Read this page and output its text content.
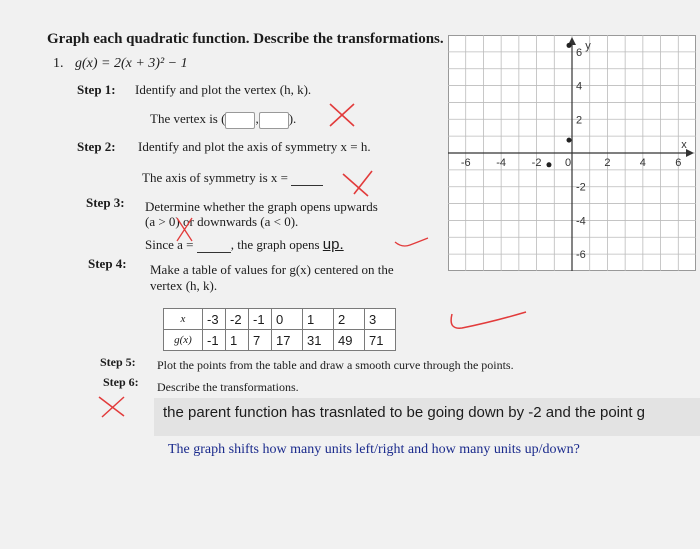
Graph each quadratic function. Describe the transformations.
1. g(x) = 2(x + 3)² − 1
Step 1: Identify and plot the vertex (h, k).
The vertex is ( , ).
Step 2: Identify and plot the axis of symmetry x = h.
The axis of symmetry is x =
Step 3: Determine whether the graph opens upwards
(a > 0) or downwards (a < 0).
Since a =	, the graph opens up.
Step 4: Make a table of values for g(x) centered on the
vertex (h, k).
x	-3	-2	-1	0	1	2	3
g(x)	-1	1	7	17	31	49	71
Step 5: Plot the points from the table and draw a smooth curve through the points.
Step 6: Describe the transformations.
the parent function has trasnlated to be going down by -2 and the point g
The graph shifts how many units left/right and how many units up/down?
-6 -4 -2 0	2	4	6
6
4
2
-2
-4
-6
x
y
